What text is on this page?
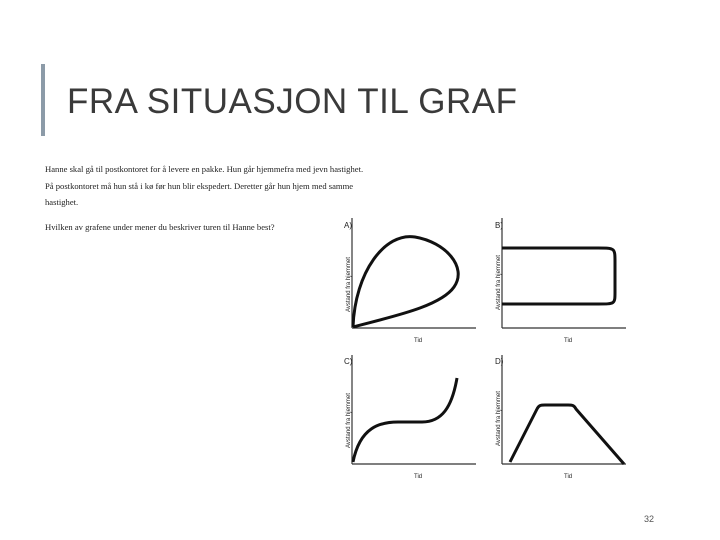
FRA SITUASJON TIL GRAF
Hanne skal gå til postkontoret for å levere en pakke. Hun går hjemmefra med jevn hastighet.
På postkontoret må hun stå i kø før hun blir ekspedert. Deretter går hun hjem med samme
hastighet.
Hvilken av grafene under mener du beskriver turen til Hanne best?	A)
Avstand fra hjemmet
Tid
B)
Avstand fra hjemmet
Tid
C)
Avstand fra hjemmet
Tid
D)
Avstand fra hjemmet
Tid
32
